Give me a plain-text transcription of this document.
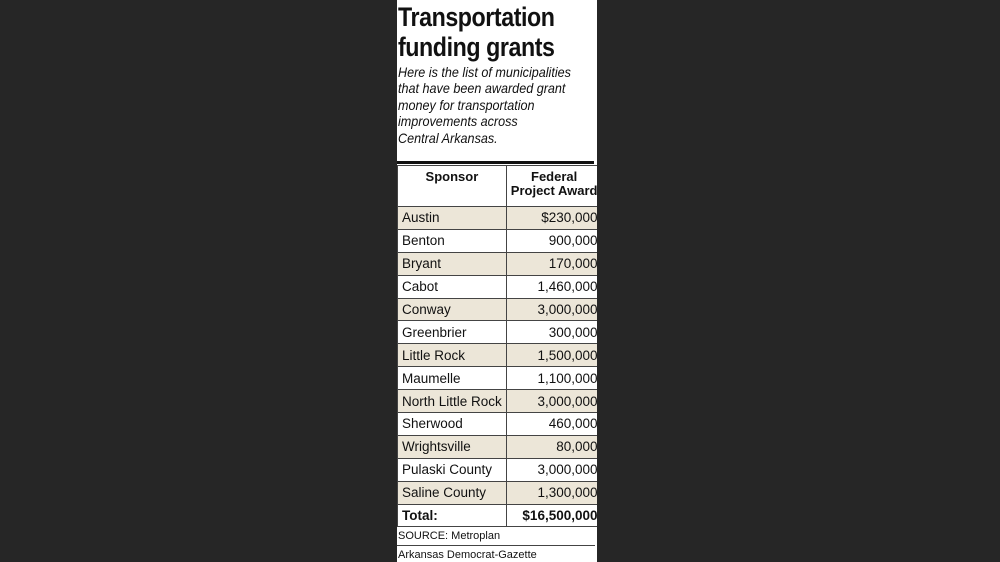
Transportation
funding grants
Here is the list of municipalities
that have been awarded grant
money for transportation
improvements across
Central Arkansas.
Sponsor	Federal
Project Award

Austin	$230,000
Benton	900,000
Bryant	170,000
Cabot	1,460,000
Conway	3,000,000
Greenbrier	300,000
Little Rock	1,500,000
Maumelle	1,100,000
North Little Rock	3,000,000
Sherwood	460,000
Wrightsville	80,000
Pulaski County	3,000,000
Saline County	1,300,000
Total:	$16,500,000
SOURCE: Metroplan
Arkansas Democrat-Gazette
